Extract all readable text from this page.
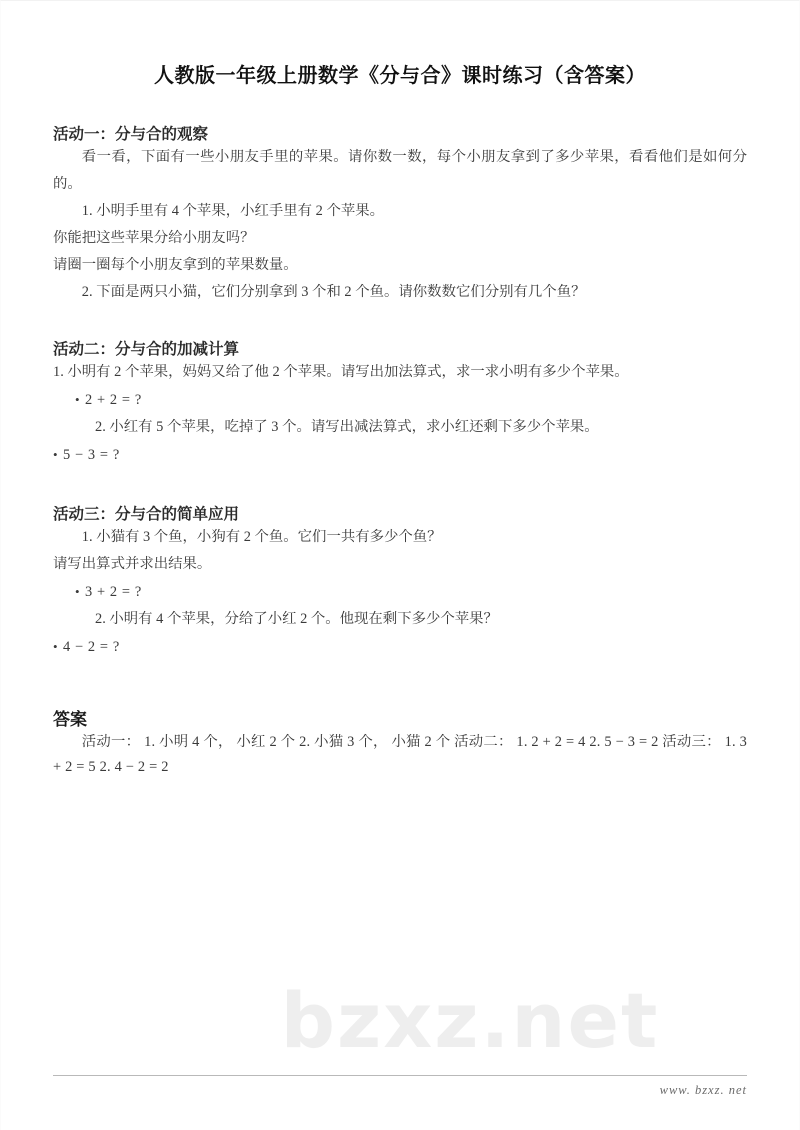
bzxz.net
人教版一年级上册数学《分与合》课时练习（含答案）
活动一：分与合的观察

看一看，下面有一些小朋友手里的苹果。请你数一数，每个小朋友拿到了多少苹果，看看他们是如何分的。

1. 小明手里有 4 个苹果，小红手里有 2 个苹果。

你能把这些苹果分给小朋友吗？

请圈一圈每个小朋友拿到的苹果数量。

2. 下面是两只小猫，它们分别拿到 3 个和 2 个鱼。请你数数它们分别有几个鱼？

活动二：分与合的加减计算

1. 小明有 2 个苹果，妈妈又给了他 2 个苹果。请写出加法算式，求一求小明有多少个苹果。

• 2 + 2 = ?

2. 小红有 5 个苹果，吃掉了 3 个。请写出减法算式，求小红还剩下多少个苹果。

• 5 − 3 = ?
活动三：分与合的简单应用

1. 小猫有 3 个鱼，小狗有 2 个鱼。它们一共有多少个鱼？

请写出算式并求出结果。

• 3 + 2 = ?

2. 小明有 4 个苹果，分给了小红 2 个。他现在剩下多少个苹果？

• 4 − 2 = ?
答案

活动一： 1. 小明 4 个， 小红 2 个 2. 小猫 3 个， 小猫 2 个 活动二： 1. 2 + 2 = 4 2. 5 − 3 = 2 活动三： 1. 3 + 2 = 5 2. 4 − 2 = 2

www. bzxz. net
